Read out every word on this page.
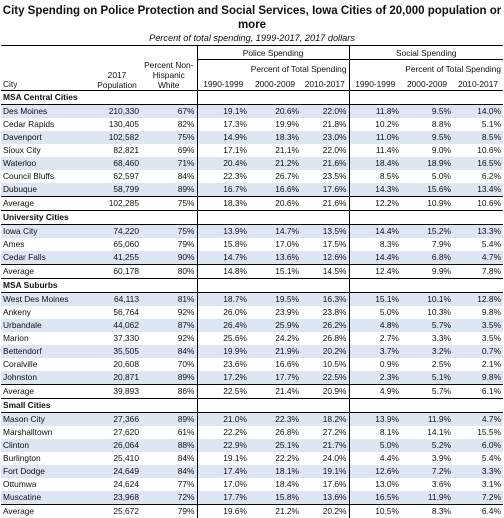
City Spending on Police Protection and Social Services, Iowa Cities of 20,000 population or more
Percent of total spending, 1999-2017, 2017 dollars
			Police Spending			Social Spending		
	2017 Population	Percent Non-Hispanic White	Percent of Total Spending			Percent of Total Spending		
City			1990-1999	2000-2009	2010-2017	1990-1999	2000-2009	2010-2017
MSA Central Cities								
Des Moines	210,330	67%	19.1%	20.6%	22.0%	11.8%	9.5%	14.0%
Cedar Rapids	130,405	82%	17.3%	19.9%	21.8%	10.2%	8.8%	5.1%
Davenport	102,582	75%	14.9%	18.3%	23.0%	11.0%	9.5%	8.5%
Sioux City	82,821	69%	17.1%	21.1%	22.0%	11.4%	9.0%	10.6%
Waterloo	68,460	71%	20.4%	21.2%	21.6%	18.4%	18.9%	16.5%
Council Bluffs	62,597	84%	22.3%	26.7%	23.5%	8.5%	5.0%	6.2%
Dubuque	58,799	89%	16.7%	16.6%	17.6%	14.3%	15.6%	13.4%
Average	102,285	75%	18.3%	20.6%	21.6%	12.2%	10.9%	10.6%
University Cities								
Iowa City	74,220	75%	13.9%	14.7%	13.5%	14.4%	15.2%	13.3%
Ames	65,060	79%	15.8%	17.0%	17.5%	8.3%	7.9%	5.4%
Cedar Falls	41,255	90%	14.7%	13.6%	12.6%	14.4%	6.8%	4.7%
Average	60,178	80%	14.8%	15.1%	14.5%	12.4%	9.9%	7.8%
MSA Suburbs								
West Des Moines	64,113	81%	18.7%	19.5%	16.3%	15.1%	10.1%	12.8%
Ankeny	56,764	92%	26.0%	23.9%	23.8%	5.0%	10.3%	9.8%
Urbandale	44,062	87%	26.4%	25.9%	26.2%	4.8%	5.7%	3.5%
Marion	37,330	92%	25.6%	24.2%	26.8%	2.7%	3.3%	3.5%
Bettendorf	35,505	84%	19.9%	21.9%	20.2%	3.7%	3.2%	0.7%
Coralville	20,608	70%	23.6%	16.6%	10.5%	0.9%	2.5%	2.1%
Johnston	20,871	89%	17.2%	17.7%	22.5%	2.3%	5.1%	9.8%
Average	39,893	86%	22.5%	21.4%	20.9%	4.9%	5.7%	6.1%
Small Cities								
Mason City	27,366	89%	21.0%	22.3%	18.2%	13.9%	11.9%	4.7%
Marshalltown	27,620	61%	22.2%	26.8%	27.2%	8.1%	14.1%	15.5%
Clinton	26,064	88%	22.9%	25.1%	21.7%	5.0%	5.2%	6.0%
Burlington	25,410	84%	19.1%	22.2%	24.0%	4.4%	3.9%	5.4%
Fort Dodge	24,649	84%	17.4%	18.1%	19.1%	12.6%	7.2%	3.3%
Ottumwa	24,624	77%	17.0%	18.4%	17.6%	13.0%	3.6%	3.1%
Muscatine	23,968	72%	17.7%	15.8%	13.6%	16.5%	11.9%	7.2%
Average	25,672	79%	19.6%	21.2%	20.2%	10.5%	8.3%	6.4%
